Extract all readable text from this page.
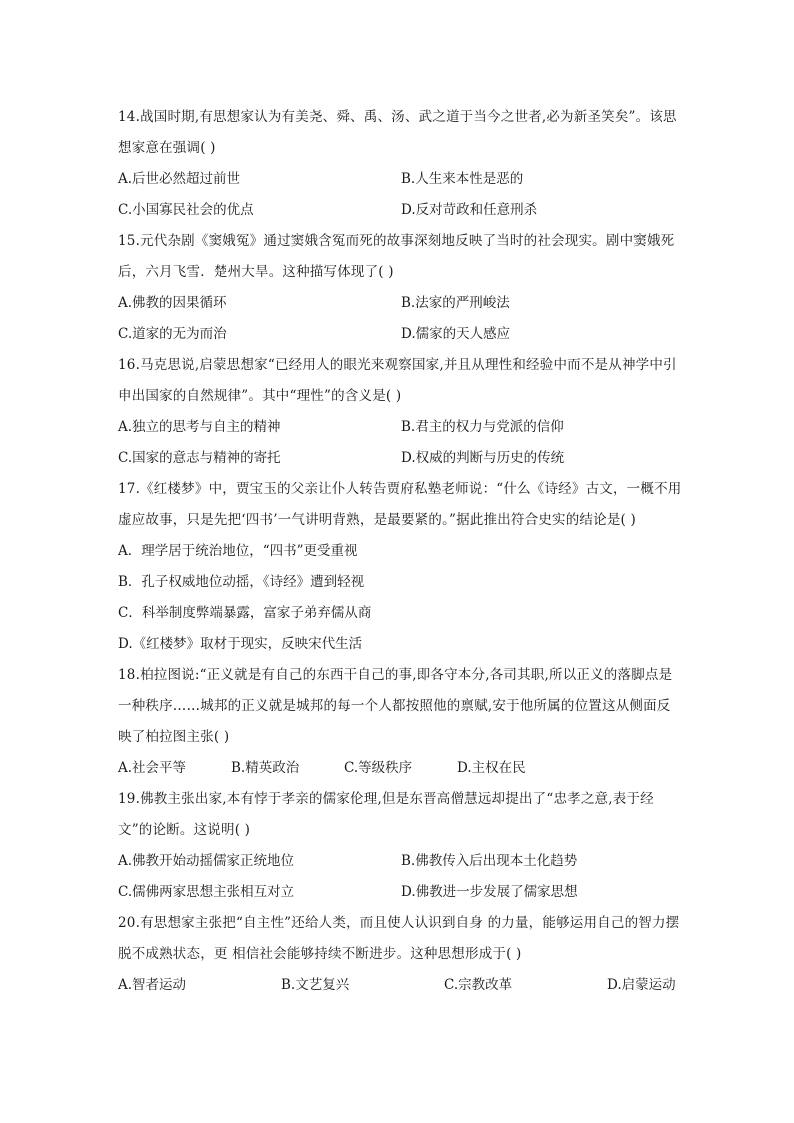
14.战国时期,有思想家认为有美尧、舜、禹、汤、武之道于当今之世者,必为新圣笑矣”。该思想家意在强调( )

A.后世必然超过前世	B.人生来本性是恶的
C.小国寡民社会的优点	D.反对苛政和任意刑杀

15.元代杂剧《窦娥冤》通过窦娥含冤而死的故事深刻地反映了当时的社会现实。剧中窦娥死后，六月飞雪．楚州大旱。这种描写体现了( )

A.佛教的因果循环	B.法家的严刑峻法
C.道家的无为而治	D.儒家的天人感应

16.马克思说,启蒙思想家“已经用人的眼光来观察国家,并且从理性和经验中而不是从神学中引申出国家的自然规律”。其中“理性”的含义是( )

A.独立的思考与自主的精神	B.君主的权力与党派的信仰
C.国家的意志与精神的寄托	D.权威的判断与历史的传统

17.《红楼梦》中，贾宝玉的父亲让仆人转告贾府私塾老师说：“什么《诗经》古文，一概不用虚应故事，只是先把‘四书’一气讲明背熟，是最要紧的。”据此推出符合史实的结论是( )

A．理学居于统治地位，“四书”更受重视
B．孔子权威地位动摇，《诗经》遭到轻视
C．科举制度弊端暴露，富家子弟弃儒从商
D.《红楼梦》取材于现实，反映宋代生活

18.柏拉图说:“正义就是有自己的东西干自己的事,即各守本分,各司其职,所以正义的落脚点是一种秩序……城邦的正义就是城邦的每一个人都按照他的禀赋,安于他所属的位置这从侧面反映了柏拉图主张( )

A.社会平等	B.精英政治	C.等级秩序	D.主权在民

19.佛教主张出家,本有悖于孝亲的儒家伦理,但是东晋高僧慧远却提出了“忠孝之意,表于经文”的论断。这说明( )

A.佛教开始动摇儒家正统地位	B.佛教传入后出现本土化趋势
C.儒佛两家思想主张相互对立	D.佛教进一步发展了儒家思想

20.有思想家主张把“自主性”还给人类，而且使人认识到自身 的力量，能够运用自己的智力摆脱不成熟状态，更 相信社会能够持续不断进步。这种思想形成于( )

A.智者运动	B.文艺复兴	C.宗教改革	D.启蒙运动
